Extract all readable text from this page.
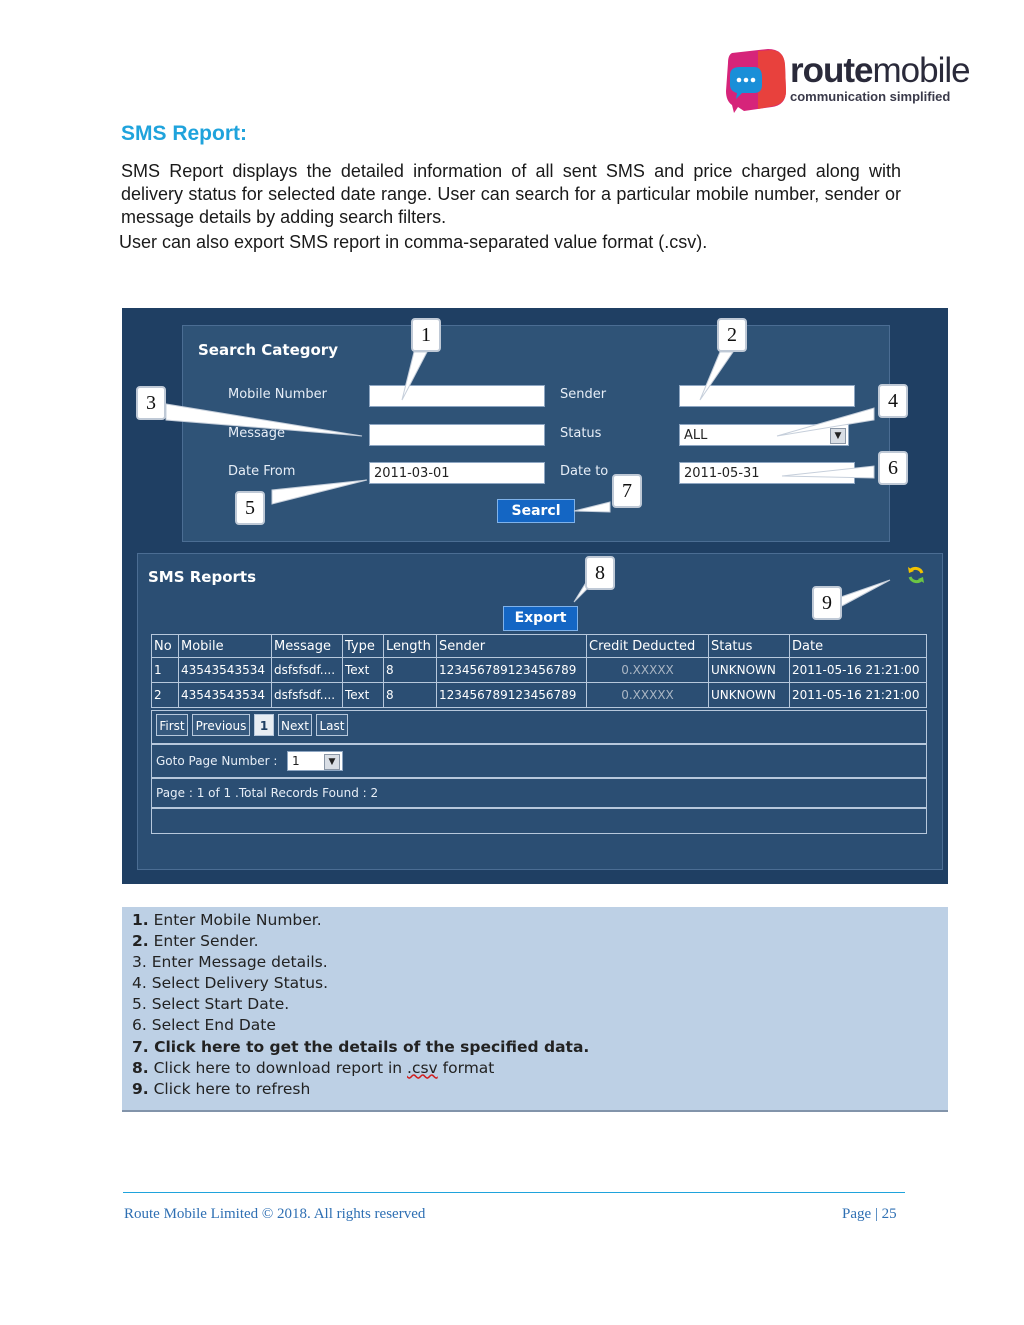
routemobile
communication simplified
SMS Report:
SMS Report displays the detailed information of all sent SMS and price charged along with delivery status for selected date range. User can search for a particular mobile number, sender or message details by adding search filters.
User can also export SMS report in comma-separated value format (.csv).
Search Category
Mobile Number	Sender
Message	Status	ALL	▼
Date From	2011-03-01	Date to	2011-05-31
Searcl
SMS Reports
Export
No	Mobile	Message	Type	Length	Sender	Credit Deducted	Status	Date
1	43543543534	dsfsfsdf....	Text	8	123456789123456789	0.XXXXX	UNKNOWN	2011-05-16 21:21:00
2	43543543534	dsfsfsdf....	Text	8	123456789123456789	0.XXXXX	UNKNOWN	2011-05-16 21:21:00
First Previous	1	Next Last
Goto Page Number :	1	▼
Page : 1 of 1 .Total Records Found : 2
1	2
3	4
5
6
7
8
9
1. Enter Mobile Number.
2. Enter Sender.
3. Enter Message details.
4. Select Delivery Status.
5. Select Start Date.
6. Select End Date
7. Click here to get the details of the specified data.
8. Click here to download report in .csv format
9. Click here to refresh
Route Mobile Limited © 2018. All rights reserved	Page | 25
